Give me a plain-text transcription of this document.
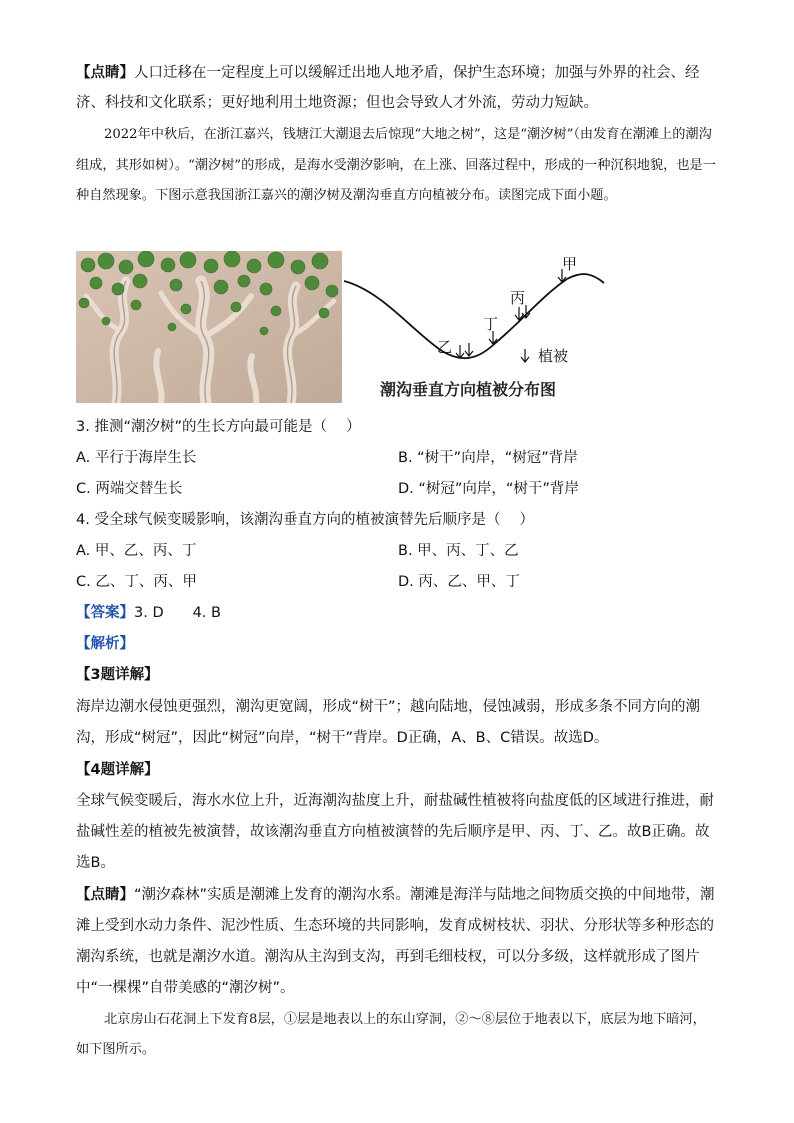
【点睛】人口迁移在一定程度上可以缓解迁出地人地矛盾，保护生态环境；加强与外界的社会、经济、科技和文化联系；更好地利用土地资源；但也会导致人才外流，劳动力短缺。

2022年中秋后，在浙江嘉兴，钱塘江大潮退去后惊现“大地之树”，这是“潮汐树”（由发育在潮滩上的潮沟组成，其形如树）。“潮汐树”的形成，是海水受潮汐影响，在上涨、回落过程中，形成的一种沉积地貌，也是一种自然现象。下图示意我国浙江嘉兴的潮汐树及潮沟垂直方向植被分布。读图完成下面小题。

甲
丙
丁
乙	植被
潮沟垂直方向植被分布图

3. 推测“潮汐树”的生长方向最可能是（　 ）

A. 平行于海岸生长	B. “树干”向岸，“树冠”背岸

C. 两端交替生长	D. “树冠”向岸，“树干”背岸

4. 受全球气候变暖影响，该潮沟垂直方向的植被演替先后顺序是（　 ）

A. 甲、乙、丙、丁	B. 甲、丙、丁、乙

C. 乙、丁、丙、甲	D. 丙、乙、甲、丁

【答案】3. D　　4. B

【解析】

【3题详解】

海岸边潮水侵蚀更强烈，潮沟更宽阔，形成“树干”；越向陆地，侵蚀减弱，形成多条不同方向的潮沟，形成“树冠”，因此“树冠”向岸，“树干”背岸。D正确，A、B、C错误。故选D。

【4题详解】

全球气候变暖后，海水水位上升，近海潮沟盐度上升，耐盐碱性植被将向盐度低的区域进行推进，耐盐碱性差的植被先被演替，故该潮沟垂直方向植被演替的先后顺序是甲、丙、丁、乙。故B正确。故选B。

【点睛】“潮汐森林”实质是潮滩上发育的潮沟水系。潮滩是海洋与陆地之间物质交换的中间地带，潮滩上受到水动力条件、泥沙性质、生态环境的共同影响，发育成树枝状、羽状、分形状等多种形态的潮沟系统，也就是潮汐水道。潮沟从主沟到支沟，再到毛细枝杈，可以分多级，这样就形成了图片中“一棵棵”自带美感的“潮汐树”。

北京房山石花洞上下发育8层，①层是地表以上的东山穿洞，②～⑧层位于地表以下，底层为地下暗河，如下图所示。
